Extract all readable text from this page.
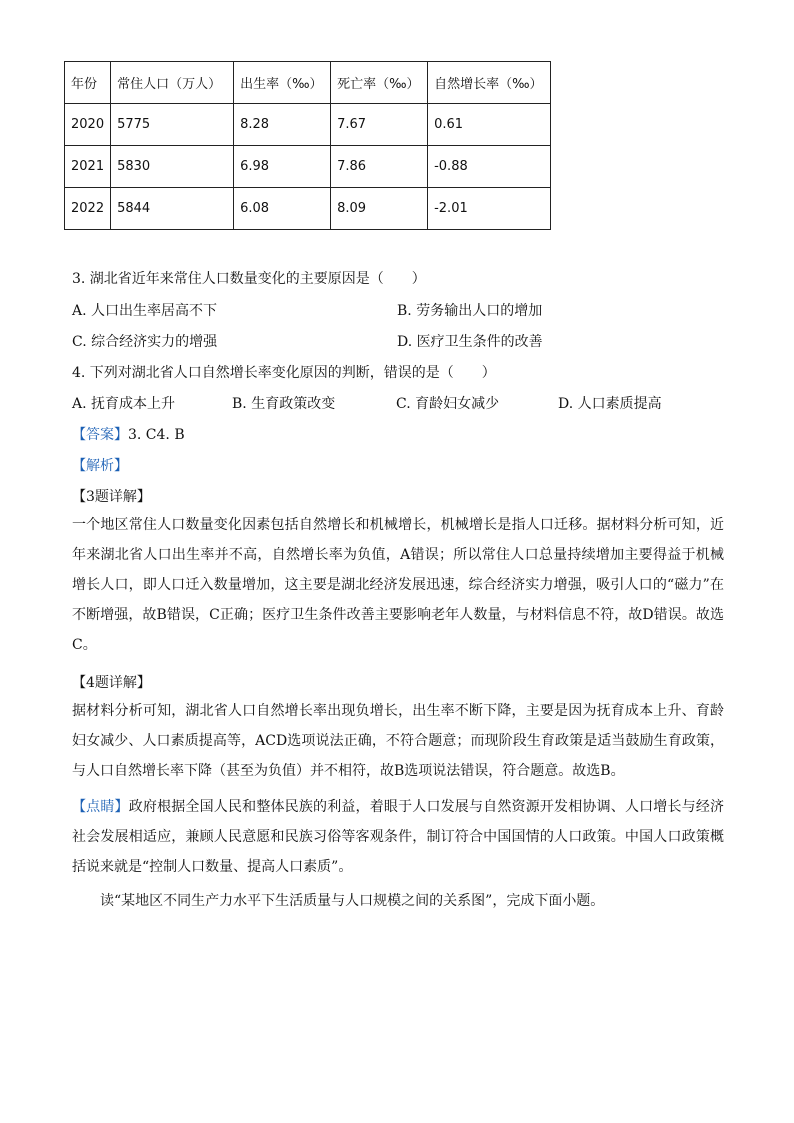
年份	常住人口（万人）	出生率（‰）	死亡率（‰）	自然增长率（‰）
2020	5775	8.28	7.67	0.61
2021	5830	6.98	7.86	-0.88
2022	5844	6.08	8.09	-2.01
3. 湖北省近年来常住人口数量变化的主要原因是（　　）
A. 人口出生率居高不下	B. 劳务输出人口的增加
C. 综合经济实力的增强	D. 医疗卫生条件的改善
4. 下列对湖北省人口自然增长率变化原因的判断，错误的是（　　）
A. 抚育成本上升	B. 生育政策改变	C. 育龄妇女减少	D. 人口素质提高
【答案】3. C4. B
【解析】
【3题详解】
一个地区常住人口数量变化因素包括自然增长和机械增长，机械增长是指人口迁移。据材料分析可知，近年来湖北省人口出生率并不高，自然增长率为负值，A错误；所以常住人口总量持续增加主要得益于机械增长人口，即人口迁入数量增加，这主要是湖北经济发展迅速，综合经济实力增强，吸引人口的“磁力”在不断增强，故B错误，C正确；医疗卫生条件改善主要影响老年人数量，与材料信息不符，故D错误。故选C。
【4题详解】
据材料分析可知，湖北省人口自然增长率出现负增长，出生率不断下降，主要是因为抚育成本上升、育龄妇女减少、人口素质提高等，ACD选项说法正确，不符合题意；而现阶段生育政策是适当鼓励生育政策，与人口自然增长率下降（甚至为负值）并不相符，故B选项说法错误，符合题意。故选B。
【点睛】政府根据全国人民和整体民族的利益，着眼于人口发展与自然资源开发相协调、人口增长与经济社会发展相适应，兼顾人民意愿和民族习俗等客观条件，制订符合中国国情的人口政策。中国人口政策概括说来就是“控制人口数量、提高人口素质”。
读“某地区不同生产力水平下生活质量与人口规模之间的关系图”，完成下面小题。
